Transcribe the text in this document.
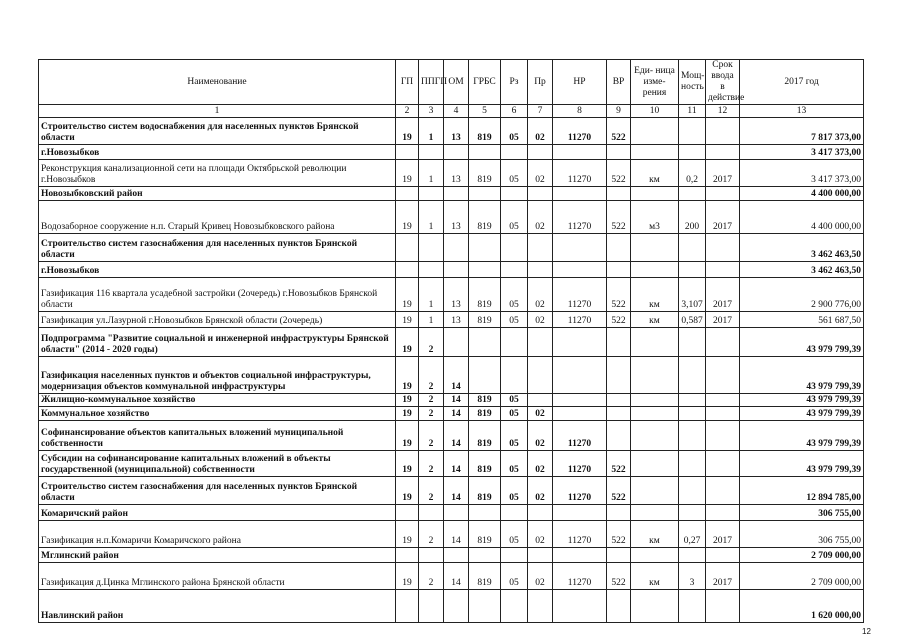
Наименование	ГП	ППГП	ОМ	ГРБС	Рз	Пр	НР	ВР	Еди- ница изме- рения	Мощ- ность	Срок ввода в действие	2017 год
1	2	3	4	5	6	7	8	9	10	11	12	13
Строительство систем водоснабжения для населенных пунктов Брянской области	19	1	13	819	05	02	11270	522				7 817 373,00
г.Новозыбков												3 417 373,00
Реконструкция канализационной сети на площади Октябрьской революции г.Новозыбков	19	1	13	819	05	02	11270	522	км	0,2	2017	3 417 373,00
Новозыбковский район												4 400 000,00
Водозаборное сооружение н.п. Старый Кривец Новозыбковского района	19	1	13	819	05	02	11270	522	м3	200	2017	4 400 000,00
Строительство систем газоснабжения для населенных пунктов Брянской области												3 462 463,50
г.Новозыбков												3 462 463,50
Газификация 116 квартала усадебной застройки (2очередь) г.Новозыбков Брянской области	19	1	13	819	05	02	11270	522	км	3,107	2017	2 900 776,00
Газификация ул.Лазурной г.Новозыбков Брянской области (2очередь)	19	1	13	819	05	02	11270	522	км	0,587	2017	561 687,50
Подпрограмма "Развитие социальной и инженерной инфраструктуры Брянской области" (2014 - 2020 годы)	19	2										43 979 799,39
Газификация населенных пунктов и объектов социальной инфраструктуры, модернизация объектов коммунальной инфраструктуры	19	2	14									43 979 799,39
Жилищно-коммунальное хозяйство	19	2	14	819	05							43 979 799,39
Коммунальное хозяйство	19	2	14	819	05	02						43 979 799,39
Софинансирование объектов капитальных вложений муниципальной собственности	19	2	14	819	05	02	11270					43 979 799,39
Субсидии на софинансирование капитальных вложений в объекты государственной (муниципальной) собственности	19	2	14	819	05	02	11270	522				43 979 799,39
Строительство систем газоснабжения для населенных пунктов Брянской области	19	2	14	819	05	02	11270	522				12 894 785,00
Комаричский район												306 755,00
Газификация н.п.Комаричи Комаричского района	19	2	14	819	05	02	11270	522	км	0,27	2017	306 755,00
Мглинский район												2 709 000,00
Газификация д.Цинка Мглинского района Брянской области	19	2	14	819	05	02	11270	522	км	3	2017	2 709 000,00
Навлинский район												1 620 000,00
12
